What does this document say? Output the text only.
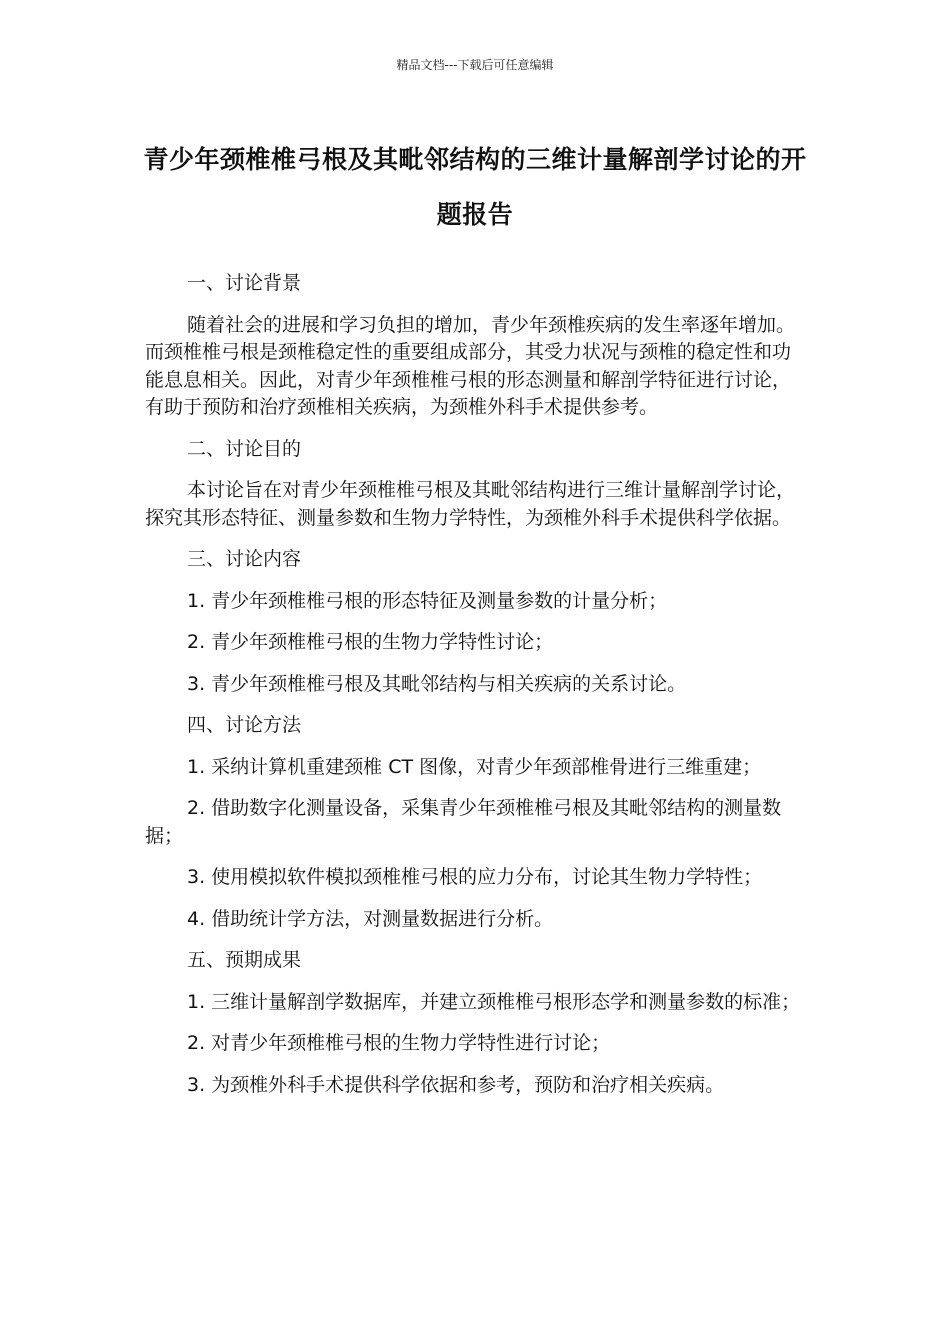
精品文档---下载后可任意编辑
青少年颈椎椎弓根及其毗邻结构的三维计量解剖学讨论的开题报告

一、讨论背景

随着社会的进展和学习负担的增加，青少年颈椎疾病的发生率逐年增加。而颈椎椎弓根是颈椎稳定性的重要组成部分，其受力状况与颈椎的稳定性和功能息息相关。因此，对青少年颈椎椎弓根的形态测量和解剖学特征进行讨论，有助于预防和治疗颈椎相关疾病，为颈椎外科手术提供参考。

二、讨论目的

本讨论旨在对青少年颈椎椎弓根及其毗邻结构进行三维计量解剖学讨论，探究其形态特征、测量参数和生物力学特性，为颈椎外科手术提供科学依据。

三、讨论内容

1. 青少年颈椎椎弓根的形态特征及测量参数的计量分析；

2. 青少年颈椎椎弓根的生物力学特性讨论；

3. 青少年颈椎椎弓根及其毗邻结构与相关疾病的关系讨论。

四、讨论方法

1. 采纳计算机重建颈椎 CT 图像，对青少年颈部椎骨进行三维重建；

2. 借助数字化测量设备，采集青少年颈椎椎弓根及其毗邻结构的测量数据；

3. 使用模拟软件模拟颈椎椎弓根的应力分布，讨论其生物力学特性；

4. 借助统计学方法，对测量数据进行分析。

五、预期成果

1. 三维计量解剖学数据库，并建立颈椎椎弓根形态学和测量参数的标准；

2. 对青少年颈椎椎弓根的生物力学特性进行讨论；

3. 为颈椎外科手术提供科学依据和参考，预防和治疗相关疾病。
